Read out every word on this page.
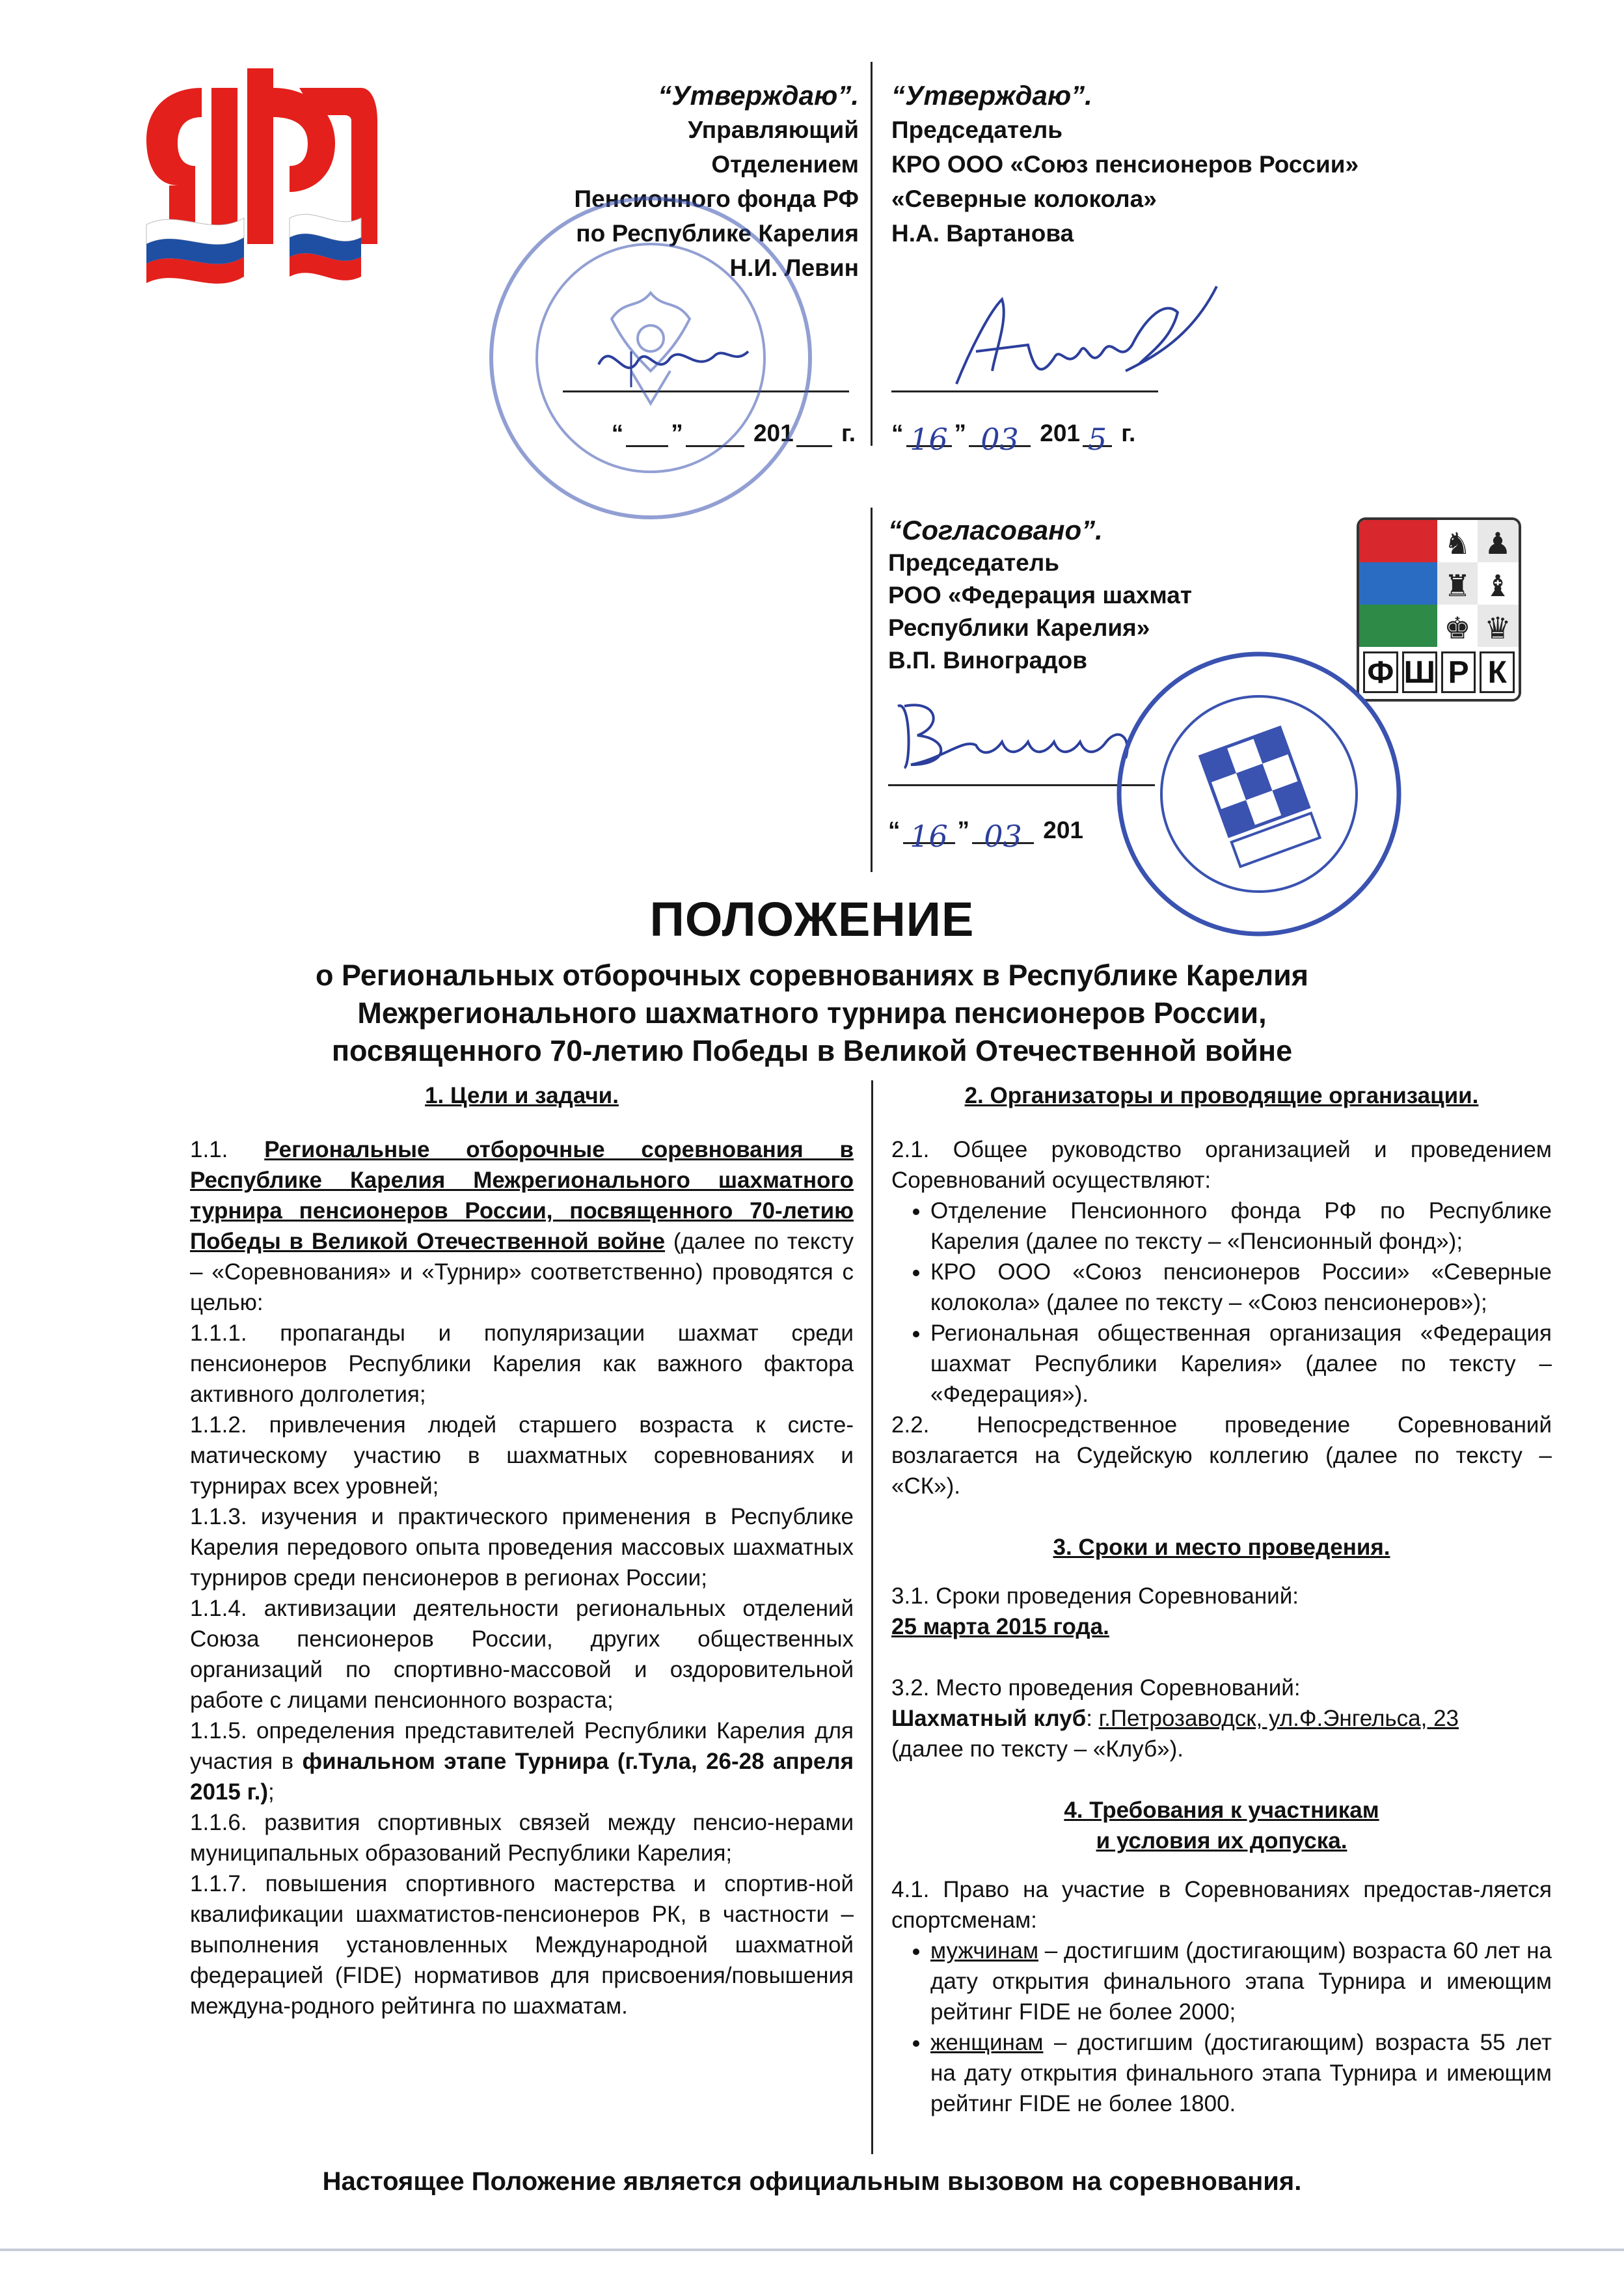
“Утверждаю”.
Управляющий
Отделением
Пенсионного фонда РФ
по Республике Карелия
Н.И. Левин
“ ”	201 г.
“Утверждаю”.
Председатель
КРО ООО «Союз пенсионеров России»
«Северные колокола»
Н.А. Вартанова
“ 16 ” 03 201 5 г.
“Согласовано”.
Председатель
РОО «Федерация шахмат
Республики Карелия»
В.П. Виноградов
“ 16 ” 03 201
♞ ♟
♜ ♝
♚ ♛
Ф Ш Р К
ПОЛОЖЕНИЕ
о Региональных отборочных соревнованиях в Республике Карелия
Межрегионального шахматного турнира пенсионеров России,
посвященного 70-летию Победы в Великой Отечественной войне
1. Цели и задачи.

1.1. Региональные отборочные соревнования в Республике Карелия Межрегионального шахматного турнира пенсионеров России, посвященного 70-летию Победы в Великой Отечественной войне (далее по тексту – «Соревнования» и «Турнир» соответственно) проводятся с целью:

1.1.1. пропаганды и популяризации шахмат среди пенсионеров Республики Карелия как важного фактора активного долголетия;

1.1.2. привлечения людей старшего возраста к систе-матическому участию в шахматных соревнованиях и турнирах всех уровней;

1.1.3. изучения и практического применения в Республике Карелия передового опыта проведения массовых шахматных турниров среди пенсионеров в регионах России;

1.1.4. активизации деятельности региональных отделений Союза пенсионеров России, других общественных организаций по спортивно-массовой и оздоровительной работе с лицами пенсионного возраста;

1.1.5. определения представителей Республики Карелия для участия в финальном этапе Турнира (г.Тула, 26-28 апреля 2015 г.);

1.1.6. развития спортивных связей между пенсио-нерами муниципальных образований Республики Карелия;

1.1.7. повышения спортивного мастерства и спортив-ной квалификации шахматистов-пенсионеров РК, в частности – выполнения установленных Международной шахматной федерацией (FIDE) нормативов для присвоения/повышения междуна-родного рейтинга по шахматам.

2. Организаторы и проводящие организации.

2.1. Общее руководство организацией и проведением Соревнований осуществляют:

• Отделение Пенсионного фонда РФ по Республике Карелия (далее по тексту – «Пенсионный фонд»);
• КРО ООО «Союз пенсионеров России» «Северные колокола» (далее по тексту – «Союз пенсионеров»);
• Региональная общественная организация «Федерация шахмат Республики Карелия» (далее по тексту – «Федерация»).

2.2. Непосредственное проведение Соревнований возлагается на Судейскую коллегию (далее по тексту – «СК»).

3. Сроки и место проведения.

3.1. Сроки проведения Соревнований:

25 марта 2015 года.

3.2. Место проведения Соревнований:

Шахматный клуб: г.Петрозаводск, ул.Ф.Энгельса, 23

(далее по тексту – «Клуб»).

4. Требования к участникам
и условия их допуска.

4.1. Право на участие в Соревнованиях предостав-ляется спортсменам:

• мужчинам – достигшим (достигающим) возраста 60 лет на дату открытия финального этапа Турнира и имеющим рейтинг FIDE не более 2000;
• женщинам – достигшим (достигающим) возраста 55 лет на дату открытия финального этапа Турнира и имеющим рейтинг FIDE не более 1800.
Настоящее Положение является официальным вызовом на соревнования.
